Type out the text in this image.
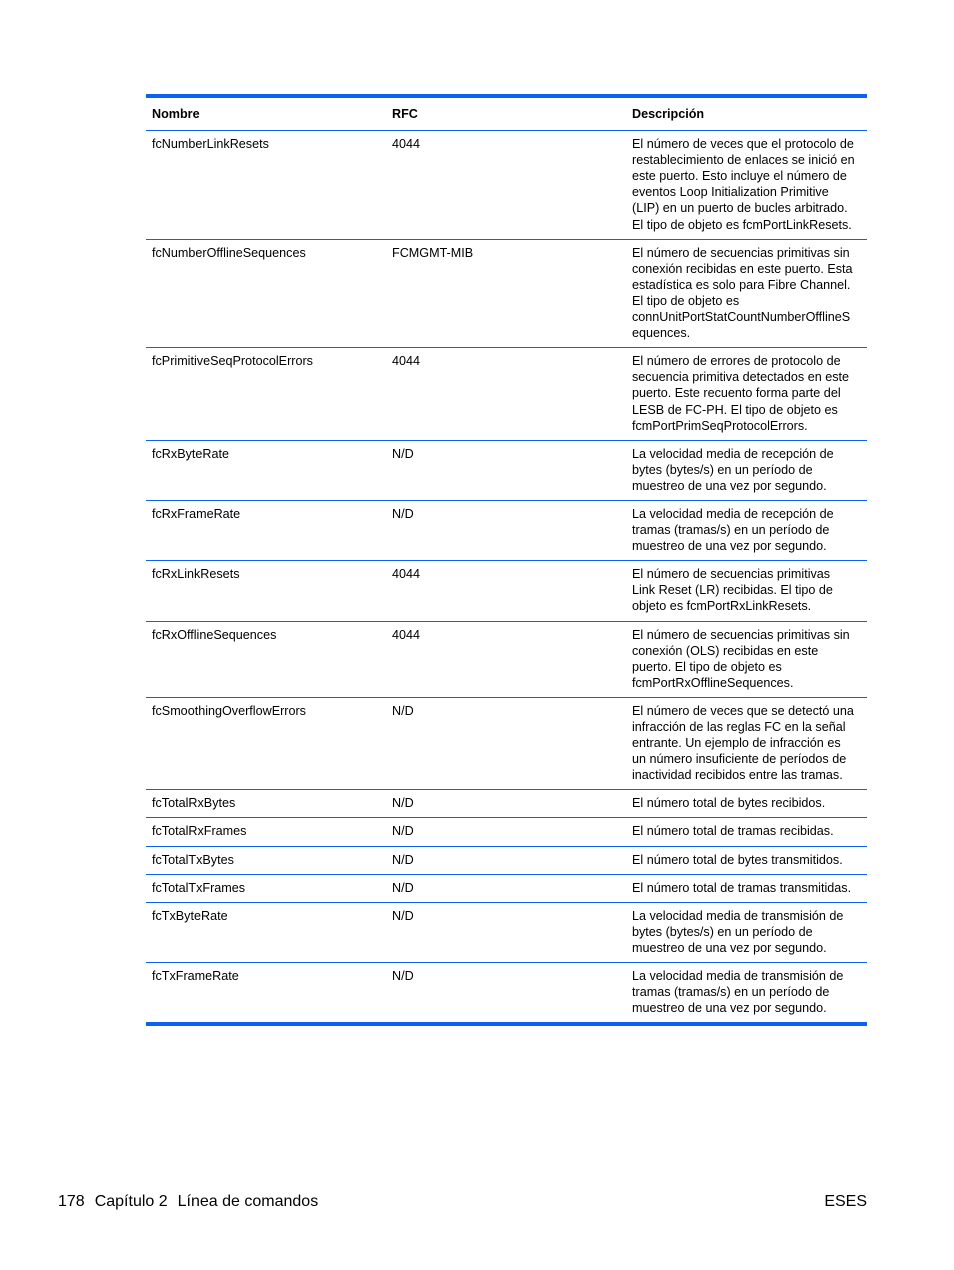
Nombre	RFC	Descripción
fcNumberLinkResets	4044	El número de veces que el protocolo de
restablecimiento de enlaces se inició en
este puerto. Esto incluye el número de
eventos Loop Initialization Primitive
(LIP) en un puerto de bucles arbitrado.
El tipo de objeto es fcmPortLinkResets.
fcNumberOfflineSequences	FCMGMT-MIB	El número de secuencias primitivas sin
conexión recibidas en este puerto. Esta
estadística es solo para Fibre Channel.
El tipo de objeto es
connUnitPortStatCountNumberOfflineS
equences.
fcPrimitiveSeqProtocolErrors	4044	El número de errores de protocolo de
secuencia primitiva detectados en este
puerto. Este recuento forma parte del
LESB de FC-PH. El tipo de objeto es
fcmPortPrimSeqProtocolErrors.
fcRxByteRate	N/D	La velocidad media de recepción de
bytes (bytes/s) en un período de
muestreo de una vez por segundo.
fcRxFrameRate	N/D	La velocidad media de recepción de
tramas (tramas/s) en un período de
muestreo de una vez por segundo.
fcRxLinkResets	4044	El número de secuencias primitivas
Link Reset (LR) recibidas. El tipo de
objeto es fcmPortRxLinkResets.
fcRxOfflineSequences	4044	El número de secuencias primitivas sin
conexión (OLS) recibidas en este
puerto. El tipo de objeto es
fcmPortRxOfflineSequences.
fcSmoothingOverflowErrors	N/D	El número de veces que se detectó una
infracción de las reglas FC en la señal
entrante. Un ejemplo de infracción es
un número insuficiente de períodos de
inactividad recibidos entre las tramas.
fcTotalRxBytes	N/D	El número total de bytes recibidos.
fcTotalRxFrames	N/D	El número total de tramas recibidas.
fcTotalTxBytes	N/D	El número total de bytes transmitidos.
fcTotalTxFrames	N/D	El número total de tramas transmitidas.
fcTxByteRate	N/D	La velocidad media de transmisión de
bytes (bytes/s) en un período de
muestreo de una vez por segundo.
fcTxFrameRate	N/D	La velocidad media de transmisión de
tramas (tramas/s) en un período de
muestreo de una vez por segundo.
178 Capítulo 2 Línea de comandos	ESES
